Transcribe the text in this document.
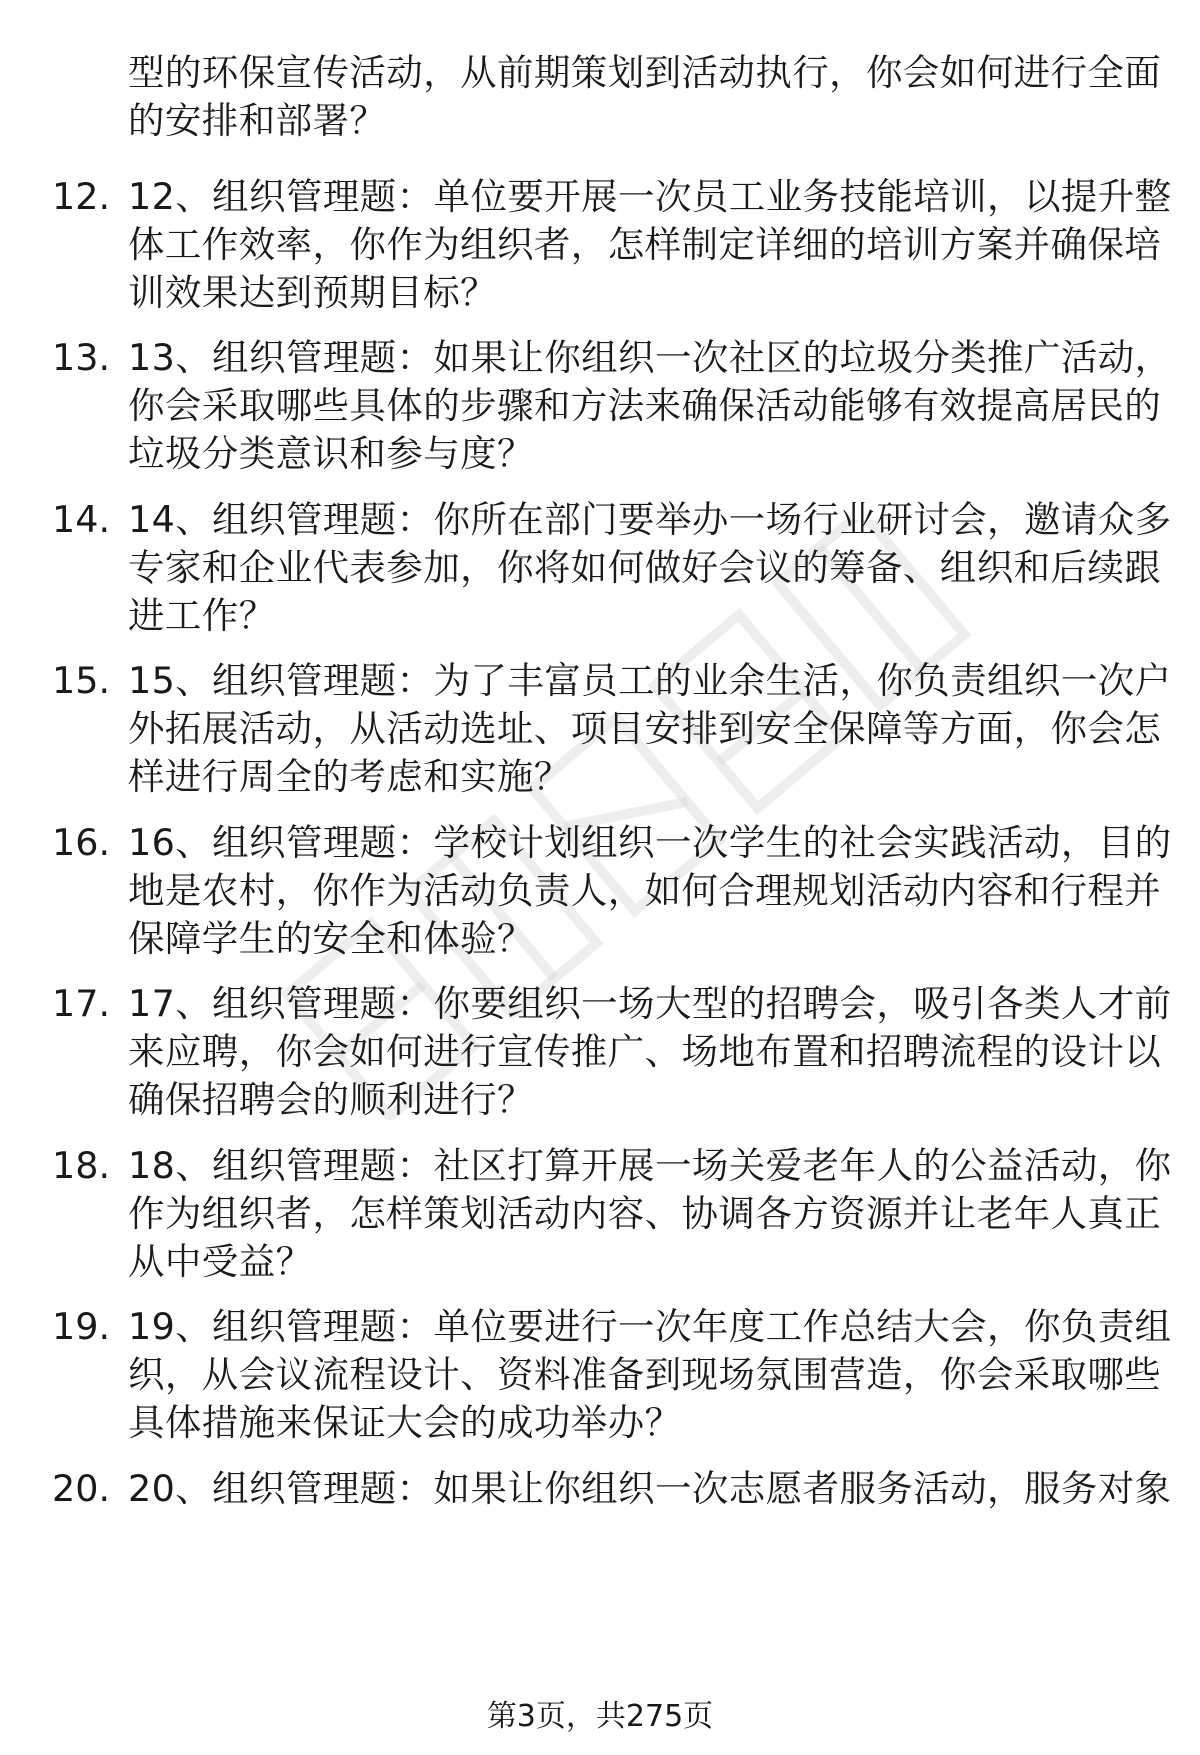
型的环保宣传活动，从前期策划到活动执行，你会如何进行全面
的安排和部署？
12. 12、组织管理题：单位要开展一次员工业务技能培训，以提升整
体工作效率，你作为组织者，怎样制定详细的培训方案并确保培
训效果达到预期目标？
13. 13、组织管理题：如果让你组织一次社区的垃圾分类推广活动，
你会采取哪些具体的步骤和方法来确保活动能够有效提高居民的
垃圾分类意识和参与度？
14. 14、组织管理题：你所在部门要举办一场行业研讨会，邀请众多
专家和企业代表参加，你将如何做好会议的筹备、组织和后续跟
进工作？
15. 15、组织管理题：为了丰富员工的业余生活，你负责组织一次户
外拓展活动，从活动选址、项目安排到安全保障等方面，你会怎
样进行周全的考虑和实施？
16. 16、组织管理题：学校计划组织一次学生的社会实践活动，目的
地是农村，你作为活动负责人，如何合理规划活动内容和行程并
保障学生的安全和体验？
17. 17、组织管理题：你要组织一场大型的招聘会，吸引各类人才前
来应聘，你会如何进行宣传推广、场地布置和招聘流程的设计以
确保招聘会的顺利进行？
18. 18、组织管理题：社区打算开展一场关爱老年人的公益活动，你
作为组织者，怎样策划活动内容、协调各方资源并让老年人真正
从中受益？
19. 19、组织管理题：单位要进行一次年度工作总结大会，你负责组
织，从会议流程设计、资料准备到现场氛围营造，你会采取哪些
具体措施来保证大会的成功举办？
20. 20、组织管理题：如果让你组织一次志愿者服务活动，服务对象
第3页，共275页
